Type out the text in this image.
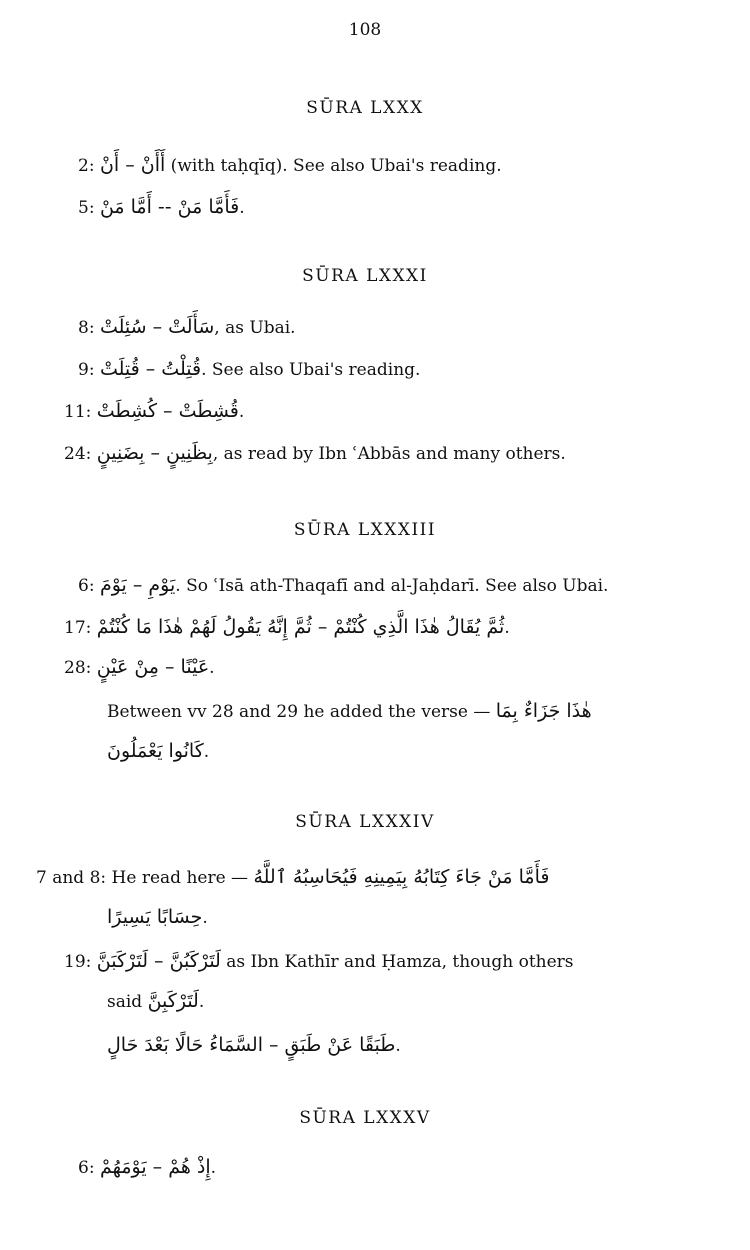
108
SŪRA LXXX
2: أَأَنْ – أَنْ (with taḥqīq). See also Ubai's reading.
5: فَأَمَّا مَنْ -- أَمَّا مَنْ.
SŪRA LXXXI
8: سَأَلَتْ – سُئِلَتْ, as Ubai.
9: قُتِلْتُ – قُتِلَتْ. See also Ubai's reading.
11: قُشِطَتْ – كُشِطَتْ.
24: بِظَنِينٍ – بِضَنِينٍ, as read by Ibn ʿAbbās and many others.
SŪRA LXXXIII
6: يَوْمِ – يَوْمَ. So ʿIsā ath-Thaqafī and al-Jaḥdarī. See also Ubai.
17: ثُمَّ يُقَالُ هٰذَا الَّذِي كُنْتُمْ – ثُمَّ إِنَّهُ يَقُولُ لَهُمْ هٰذَا مَا كُنْتُمْ.
28: عَيْنًا – مِنْ عَيْنٍ.
Between vv 28 and 29 he added the verse — هٰذَا جَزَاءٌ بِمَا
كَانُوا يَعْمَلُونَ.
SŪRA LXXXIV
7 and 8: He read here — فَأَمَّا مَنْ جَاءَ كِتَابُهُ بِيَمِينِهِ فَيُحَاسِبُهُ ٱللَّهُ
حِسَابًا يَسِيرًا.
19: لَتَرْكَبُنَّ – لَتَرْكَبَنَّ as Ibn Kathīr and Ḥamza, though others
said لَتَرْكَبِنَّ.
طَبَقًا عَنْ طَبَقٍ – السَّمَاءُ حَالًا بَعْدَ حَالٍ.
SŪRA LXXXV
6: إِذْ هُمْ – يَوْمَهُمْ.
